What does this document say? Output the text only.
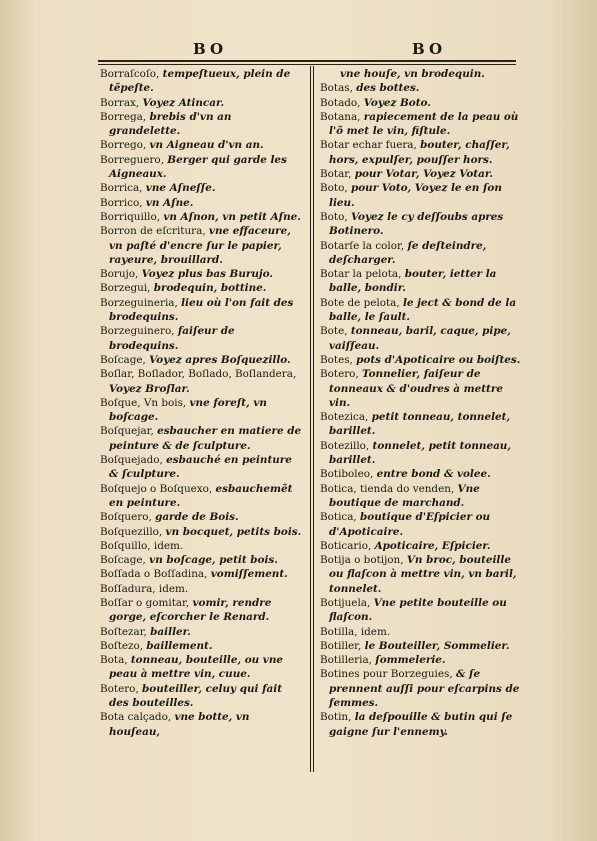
BO	BO
Borraſcoſo, tempeſtueux, plein de tẽpeſte.
Borrax, Voyez Atincar.
Borrega, brebis d'vn an grandelette.
Borrego, vn Aigneau d'vn an.
Borreguero, Berger qui garde les Aigneaux.
Borrica, vne Aſneſſe.
Borrico, vn Aſne.
Borriquillo, vn Aſnon, vn petit Aſne.
Borron de eſcritura, vne effaceure, vn paſté d'encre ſur le papier, rayeure, brouillard.
Borujo, Voyez plus bas Burujo.
Borzegui, brodequin, bottine.
Borzeguineria, lieu où l'on fait des brodequins.
Borzeguinero, faiſeur de brodequins.
Boſcage, Voyez apres Boſquezillo.
Boſlar, Boſlador, Boſlado, Boſlandera, Voyez Broſlar.
Boſque, Vn bois, vne foreſt, vn boſcage.
Boſquejar, esbaucher en matiere de peinture & de ſculpture.
Boſquejado, esbauché en peinture & ſculpture.
Boſquejo o Boſquexo, esbauchemẽt en peinture.
Boſquero, garde de Bois.
Boſquezillo, vn bocquet, petits bois.
Boſquillo, idem.
Boſcage, vn boſcage, petit bois.
Boſſada o Boſſadina, vomiſſement.
Boſſadura, idem.
Boſſar o gomitar, vomir, rendre gorge, eſcorcher le Renard.
Boſtezar, bailler.
Boſtezo, baillement.
Bota, tonneau, bouteille, ou vne peau à mettre vin, cuue.
Botero, bouteiller, celuy qui fait des bouteilles.
Bota calçado, vne botte, vn houſeau,
vne houſe, vn brodequin.
Botas, des bottes.
Botado, Voyez Boto.
Botana, rapiecement de la peau où l'õ met le vin, fiſtule.
Botar echar fuera, bouter, chaſſer, hors, expulſer, pouſſer hors.
Botar, pour Votar, Voyez Votar.
Boto, pour Voto, Voyez le en ſon lieu.
Boto, Voyez le cy deſſoubs apres Botinero.
Botarſe la color, ſe deſteindre, deſcharger.
Botar la pelota, bouter, ietter la balle, bondir.
Bote de pelota, le ject & bond de la balle, le ſault.
Bote, tonneau, baril, caque, pipe, vaiſſeau.
Botes, pots d'Apoticaire ou boiſtes.
Botero, Tonnelier, faiſeur de tonneaux & d'oudres à mettre vin.
Botezica, petit tonneau, tonnelet, barillet.
Botezillo, tonnelet, petit tonneau, barillet.
Botiboleo, entre bond & volee.
Botica, tienda do venden, Vne boutique de marchand.
Botica, boutique d'Eſpicier ou d'Apoticaire.
Boticario, Apoticaire, Eſpicier.
Botija o botijon, Vn broc, bouteille ou flaſcon à mettre vin, vn baril, tonnelet.
Botijuela, Vne petite bouteille ou flaſcon.
Botilla, idem.
Botiller, le Bouteiller, Sommelier.
Botilleria, ſommelerie.
Botines pour Borzeguies, & ſe prennent auſſi pour eſcarpins de femmes.
Botin, la deſpouille & butin qui ſe gaigne ſur l'ennemy.
